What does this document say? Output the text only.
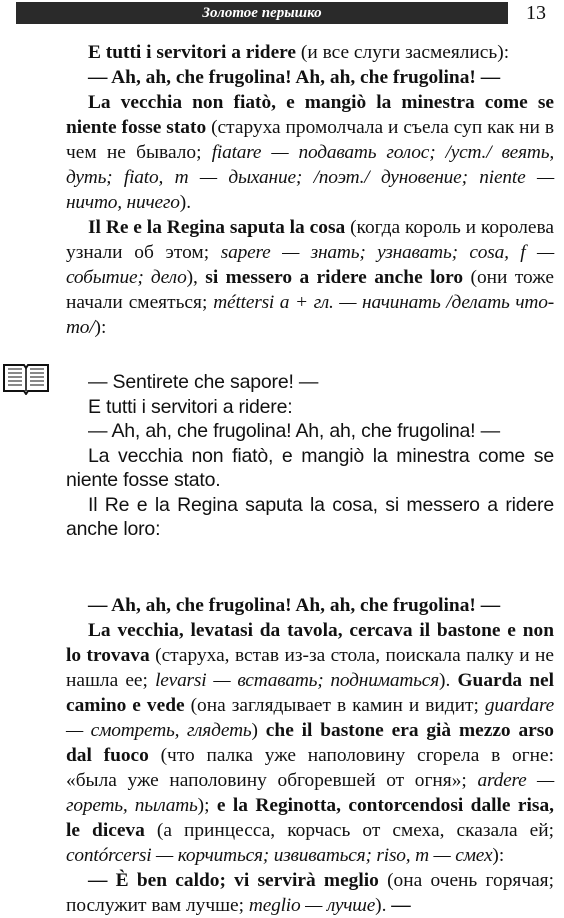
Золотое перышко	13

E tutti i servitori a ridere (и все слуги засмеялись):

— Ah, ah, che frugolina! Ah, ah, che frugolina! —

La vecchia non fiatò, e mangiò la minestra come se niente fosse stato (старуха промолчала и съела суп как ни в чем не бывало; fiatare — подавать голос; /уст./ веять, дуть; fiato, m — дыхание; /поэт./ дуновение; niente — ничто, ничего).

Il Re e la Regina saputa la cosa (когда король и королева узнали об этом; sapere — знать; узнавать; cosa, f — событие; дело), si messero a ridere anche loro (они тоже начали смеяться; méttersi a + гл. — начинать /делать что-то/):

— Sentirete che sapore! —

E tutti i servitori a ridere:

— Ah, ah, che frugolina! Ah, ah, che frugolina! —

La vecchia non fiatò, e mangiò la minestra come se niente fosse stato.

Il Re e la Regina saputa la cosa, si messero a ridere anche loro:

— Ah, ah, che frugolina! Ah, ah, che frugolina! —

La vecchia, levatasi da tavola, cercava il bastone e non lo trovava (старуха, встав из-за стола, поискала палку и не нашла ее; levarsi — вставать; подниматься). Guarda nel camino e vede (она заглядывает в камин и видит; guardare — смотреть, глядеть) che il bastone era già mezzo arso dal fuoco (что палка уже наполовину сгорела в огне: «была уже наполовину обгоревшей от огня»; ardere — гореть, пылать); e la Reginotta, contorcendosi dalle risa, le diceva (а принцесса, корчась от смеха, сказала ей; contórcersi — корчиться; извиваться; riso, m — смех):

— È ben caldo; vi servirà meglio (она очень горячая; послужит вам лучше; meglio — лучше). —
